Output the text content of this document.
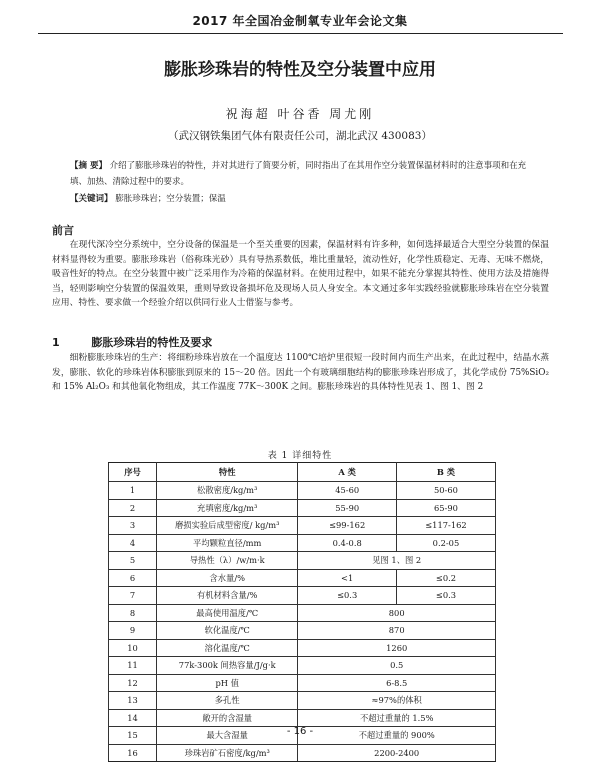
2017 年全国冶金制氧专业年会论文集
膨胀珍珠岩的特性及空分装置中应用
祝海超 叶谷香 周尤刚
（武汉钢铁集团气体有限责任公司，湖北武汉 430083）
【摘 要】 介绍了膨胀珍珠岩的特性，并对其进行了简要分析，同时指出了在其用作空分装置保温材料时的注意事项和在充填、加热、清除过程中的要求。
【关键词】 膨胀珍珠岩；空分装置；保温
前言
在现代深冷空分系统中，空分设备的保温是一个至关重要的因素，保温材料有许多种，如何选择最适合大型空分装置的保温材料显得较为重要。膨胀珍珠岩（俗称珠光砂）具有导热系数低，堆比重量轻，流动性好，化学性质稳定、无毒、无味不燃烧，吸音性好的特点。在空分装置中被广泛采用作为冷箱的保温材料。在使用过程中，如果不能充分掌握其特性、使用方法及措施得当，轻则影响空分装置的保温效果，重则导致设备损坏危及现场人员人身安全。本文通过多年实践经验就膨胀珍珠岩在空分装置应用、特性、要求做一个经验介绍以供同行业人士借鉴与参考。
1	膨胀珍珠岩的特性及要求
细粉膨胀珍珠岩的生产：将细粉珍珠岩放在一个温度达 1100℃培炉里很短一段时间内而生产出来，在此过程中，结晶水蒸发，膨胀、软化的珍珠岩体积膨胀到原来的 15～20 倍。因此一个有玻璃细胞结构的膨胀珍珠岩形成了，其化学成份 75%SiO₂ 和 15% Al₂O₃ 和其他氧化物组成，其工作温度 77K～300K 之间。膨胀珍珠岩的具体特性见表 1、图 1、图 2
表 1 详细特性
序号	特性	A 类	B 类
1	松散密度/kg/m³	45-60	50-60
2	充填密度/kg/m³	55-90	65-90
3	磨损实验后成型密度/ kg/m³	≤99-162	≤117-162
4	平均颗粒直径/mm	0.4-0.8	0.2-05
5	导热性（λ）/w/m·k	见图 1、图 2	
6	含水量/%	<1	≤0.2
7	有机材料含量/%	≤0.3	≤0.3
8	最高使用温度/℃	800	
9	软化温度/℃	870	
10	溶化温度/℃	1260	
11	77k-300k 间热容量/J/g·k	0.5	
12	pH 值	6-8.5	
13	多孔性	≈97%的体积	
14	敞开的含湿量	不超过重量的 1.5%	
15	最大含湿量	不超过重量的 900%	
16	珍珠岩矿石密度/kg/m³	2200-2400	
- 16 -
